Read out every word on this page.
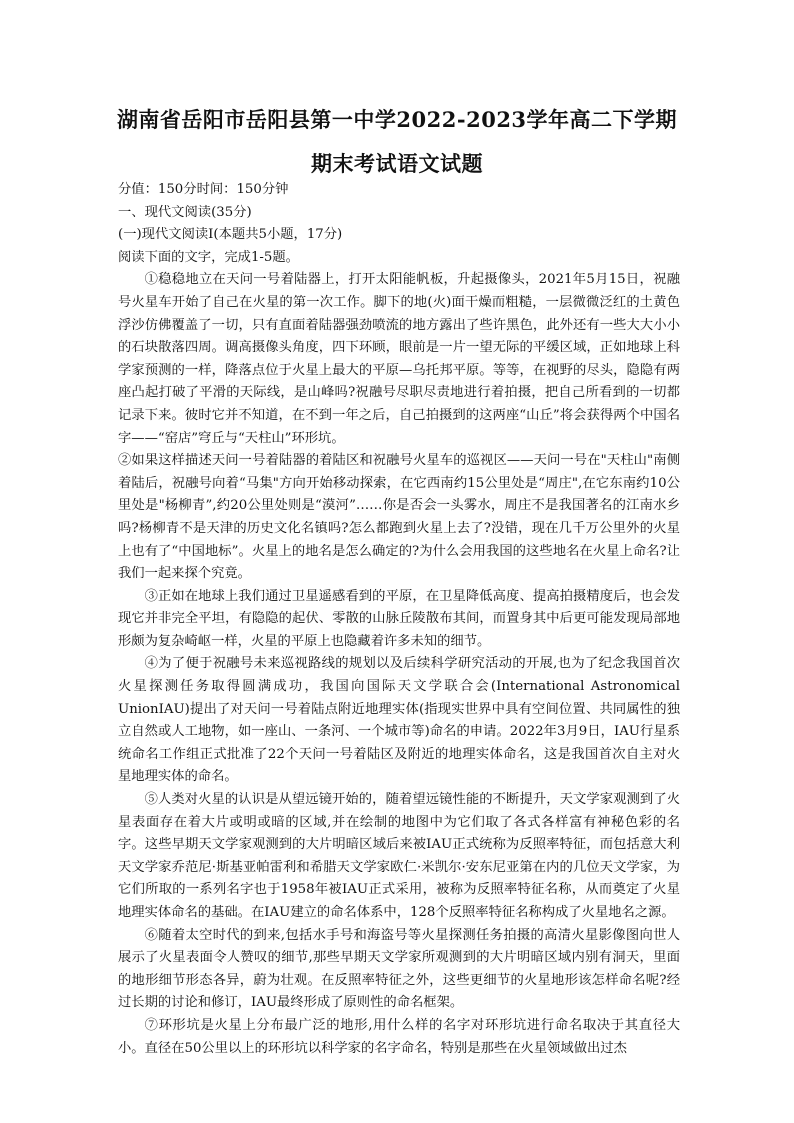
湖南省岳阳市岳阳县第一中学2022-2023学年高二下学期
期末考试语文试题

分值：150分时间：150分钟

一、现代文阅读(35分)

(一)现代文阅读Ⅰ(本题共5小题，17分)

阅读下面的文字，完成1-5题。

①稳稳地立在天问一号着陆器上，打开太阳能帆板，升起摄像头，2021年5月15日，祝融号火星车开始了自己在火星的第一次工作。脚下的地(火)面干燥而粗糙，一层微微泛红的土黄色浮沙仿佛覆盖了一切，只有直面着陆器强劲喷流的地方露出了些许黑色，此外还有一些大大小小的石块散落四周。调高摄像头角度，四下环顾，眼前是一片一望无际的平缓区域，正如地球上科学家预测的一样，降落点位于火星上最大的平原—乌托邦平原。等等，在视野的尽头，隐隐有两座凸起打破了平滑的天际线，是山峰吗?祝融号尽职尽责地进行着拍摄，把自己所看到的一切都记录下来。彼时它并不知道，在不到一年之后，自己拍摄到的这两座“山丘”将会获得两个中国名字——“窑店”穹丘与“天柱山”环形坑。

②如果这样描述天问一号着陆器的着陆区和祝融号火星车的巡视区——天问一号在"天柱山"南侧着陆后，祝融号向着“马集"方向开始移动探索，在它西南约15公里处是“周庄",在它东南约10公里处是"杨柳青”,约20公里处则是“漠河”……你是否会一头雾水，周庄不是我国著名的江南水乡吗?杨柳青不是天津的历史文化名镇吗?怎么都跑到火星上去了?没错，现在几千万公里外的火星上也有了“中国地标”。火星上的地名是怎么确定的?为什么会用我国的这些地名在火星上命名?让我们一起来探个究竟。

③正如在地球上我们通过卫星遥感看到的平原，在卫星降低高度、提高拍摄精度后，也会发现它并非完全平坦，有隐隐的起伏、零散的山脉丘陵散布其间，而置身其中后更可能发现局部地形颇为复杂崎岖一样，火星的平原上也隐藏着许多未知的细节。

④为了便于祝融号未来巡视路线的规划以及后续科学研究活动的开展,也为了纪念我国首次火星探测任务取得圆满成功，我国向国际天文学联合会(International Astronomical UnionIAU)提出了对天问一号着陆点附近地理实体(指现实世界中具有空间位置、共同属性的独立自然或人工地物，如一座山、一条河、一个城市等)命名的申请。2022年3月9日，IAU行星系统命名工作组正式批准了22个天问一号着陆区及附近的地理实体命名，这是我国首次自主对火星地理实体的命名。

⑤人类对火星的认识是从望远镜开始的，随着望远镜性能的不断提升，天文学家观测到了火星表面存在着大片或明或暗的区域,并在绘制的地图中为它们取了各式各样富有神秘色彩的名字。这些早期天文学家观测到的大片明暗区域后来被IAU正式统称为反照率特征，而包括意大利天文学家乔范尼·斯基亚帕雷利和希腊天文学家欧仁·米凯尔·安东尼亚第在内的几位天文学家，为它们所取的一系列名字也于1958年被IAU正式采用，被称为反照率特征名称，从而奠定了火星地理实体命名的基础。在IAU建立的命名体系中，128个反照率特征名称构成了火星地名之源。

⑥随着太空时代的到来,包括水手号和海盗号等火星探测任务拍摄的高清火星影像图向世人展示了火星表面令人赞叹的细节,那些早期天文学家所观测到的大片明暗区域内别有洞天，里面的地形细节形态各异，蔚为壮观。在反照率特征之外，这些更细节的火星地形该怎样命名呢?经过长期的讨论和修订，IAU最终形成了原则性的命名框架。

⑦环形坑是火星上分布最广泛的地形,用什么样的名字对环形坑进行命名取决于其直径大小。直径在50公里以上的环形坑以科学家的名字命名，特别是那些在火星领域做出过杰
